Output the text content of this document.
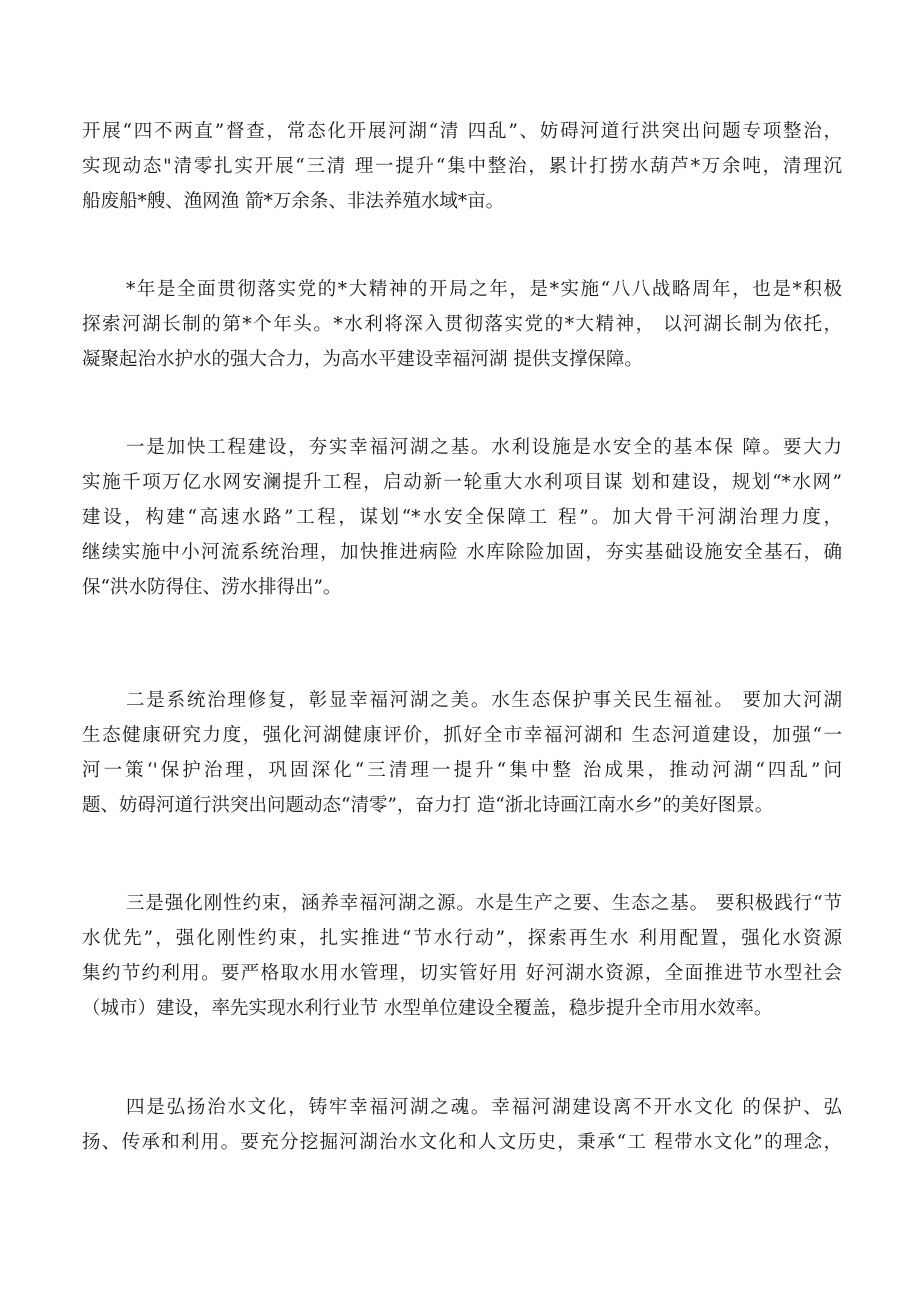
开展“四不两直”督查，常态化开展河湖“清 四乱”、妨碍河道行洪突出问题专项整治，
实现动态"清零扎实开展“三清 理一提升“集中整治，累计打捞水葫芦*万余吨，清理沉
船废船*艘、渔网渔 箭*万余条、非法养殖水域*亩。
*年是全面贯彻落实党的*大精神的开局之年，是*实施“八八战略周年，也是*积极
探索河湖长制的第*个年头。*水利将深入贯彻落实党的*大精神， 以河湖长制为依托，
凝聚起治水护水的强大合力，为高水平建设幸福河湖 提供支撑保障。
一是加快工程建设，夯实幸福河湖之基。水利设施是水安全的基本保 障。要大力
实施千项万亿水网安澜提升工程，启动新一轮重大水利项目谋 划和建设，规划“*水网”
建设，构建“高速水路”工程，谋划“*水安全保障工 程”。加大骨干河湖治理力度，
继续实施中小河流系统治理，加快推进病险 水库除险加固，夯实基础设施安全基石，确
保“洪水防得住、涝水排得出”。
二是系统治理修复，彰显幸福河湖之美。水生态保护事关民生福祉。 要加大河湖
生态健康研究力度，强化河湖健康评价，抓好全市幸福河湖和 生态河道建设，加强“一
河一策‘'保护治理，巩固深化“三清理一提升“集中整 治成果，推动河湖“四乱”问
题、妨碍河道行洪突出问题动态“清零”，奋力打 造“浙北诗画江南水乡”的美好图景。
三是强化刚性约束，涵养幸福河湖之源。水是生产之要、生态之基。 要积极践行“节
水优先”，强化刚性约束，扎实推进“节水行动”，探索再生水 利用配置，强化水资源
集约节约利用。要严格取水用水管理，切实管好用 好河湖水资源，全面推进节水型社会
（城市）建设，率先实现水利行业节 水型单位建设全覆盖，稳步提升全市用水效率。
四是弘扬治水文化，铸牢幸福河湖之魂。幸福河湖建设离不开水文化 的保护、弘
扬、传承和利用。要充分挖掘河湖治水文化和人文历史，秉承“工 程带水文化”的理念，
